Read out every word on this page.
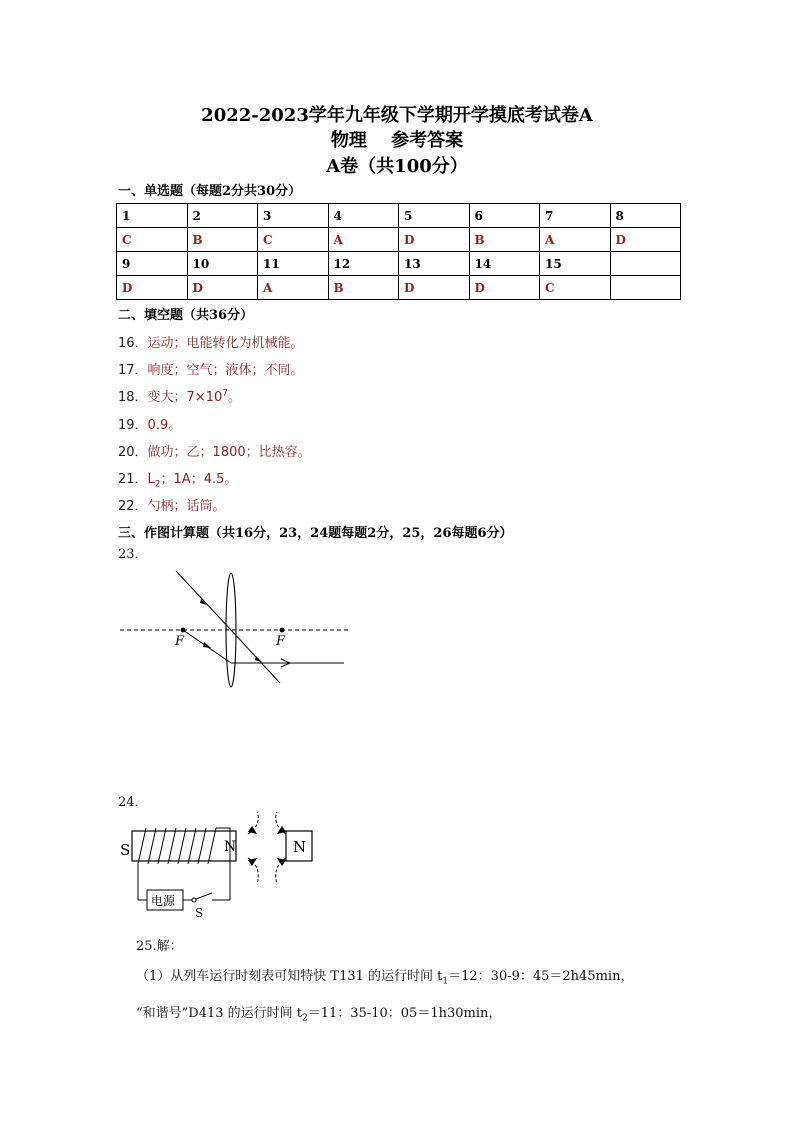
2022-2023学年九年级下学期开学摸底考试卷A
物理　 参考答案
A卷（共100分）
一、单选题（每题2分共30分）
1	2	3	4	5	6	7	8
C	B	C	A	D	B	A	D
9	10	11	12	13	14	15	
D	D	A	B	D	D	C	
二、填空题（共36分）
16．运动；电能转化为机械能。
17．响度；空气；液体；不同。
18．变大；$7\times 10^7$。
19．0.9。
20．做功；乙；1800；比热容。
21．$L_2$；1A；4.5。
22．勺柄；话筒。
三、作图计算题（共16分，23，24题每题2分，25，26每题6分）
23．
F	F
24．
S	N
电源
S
N
25.解：
（1）从列车运行时刻表可知特快 T131 的运行时间 $t_1=12$：30-9：45＝2h45min，
“和谐号”D413 的运行时间 $t_2=11$：35-10：05＝1h30min，
